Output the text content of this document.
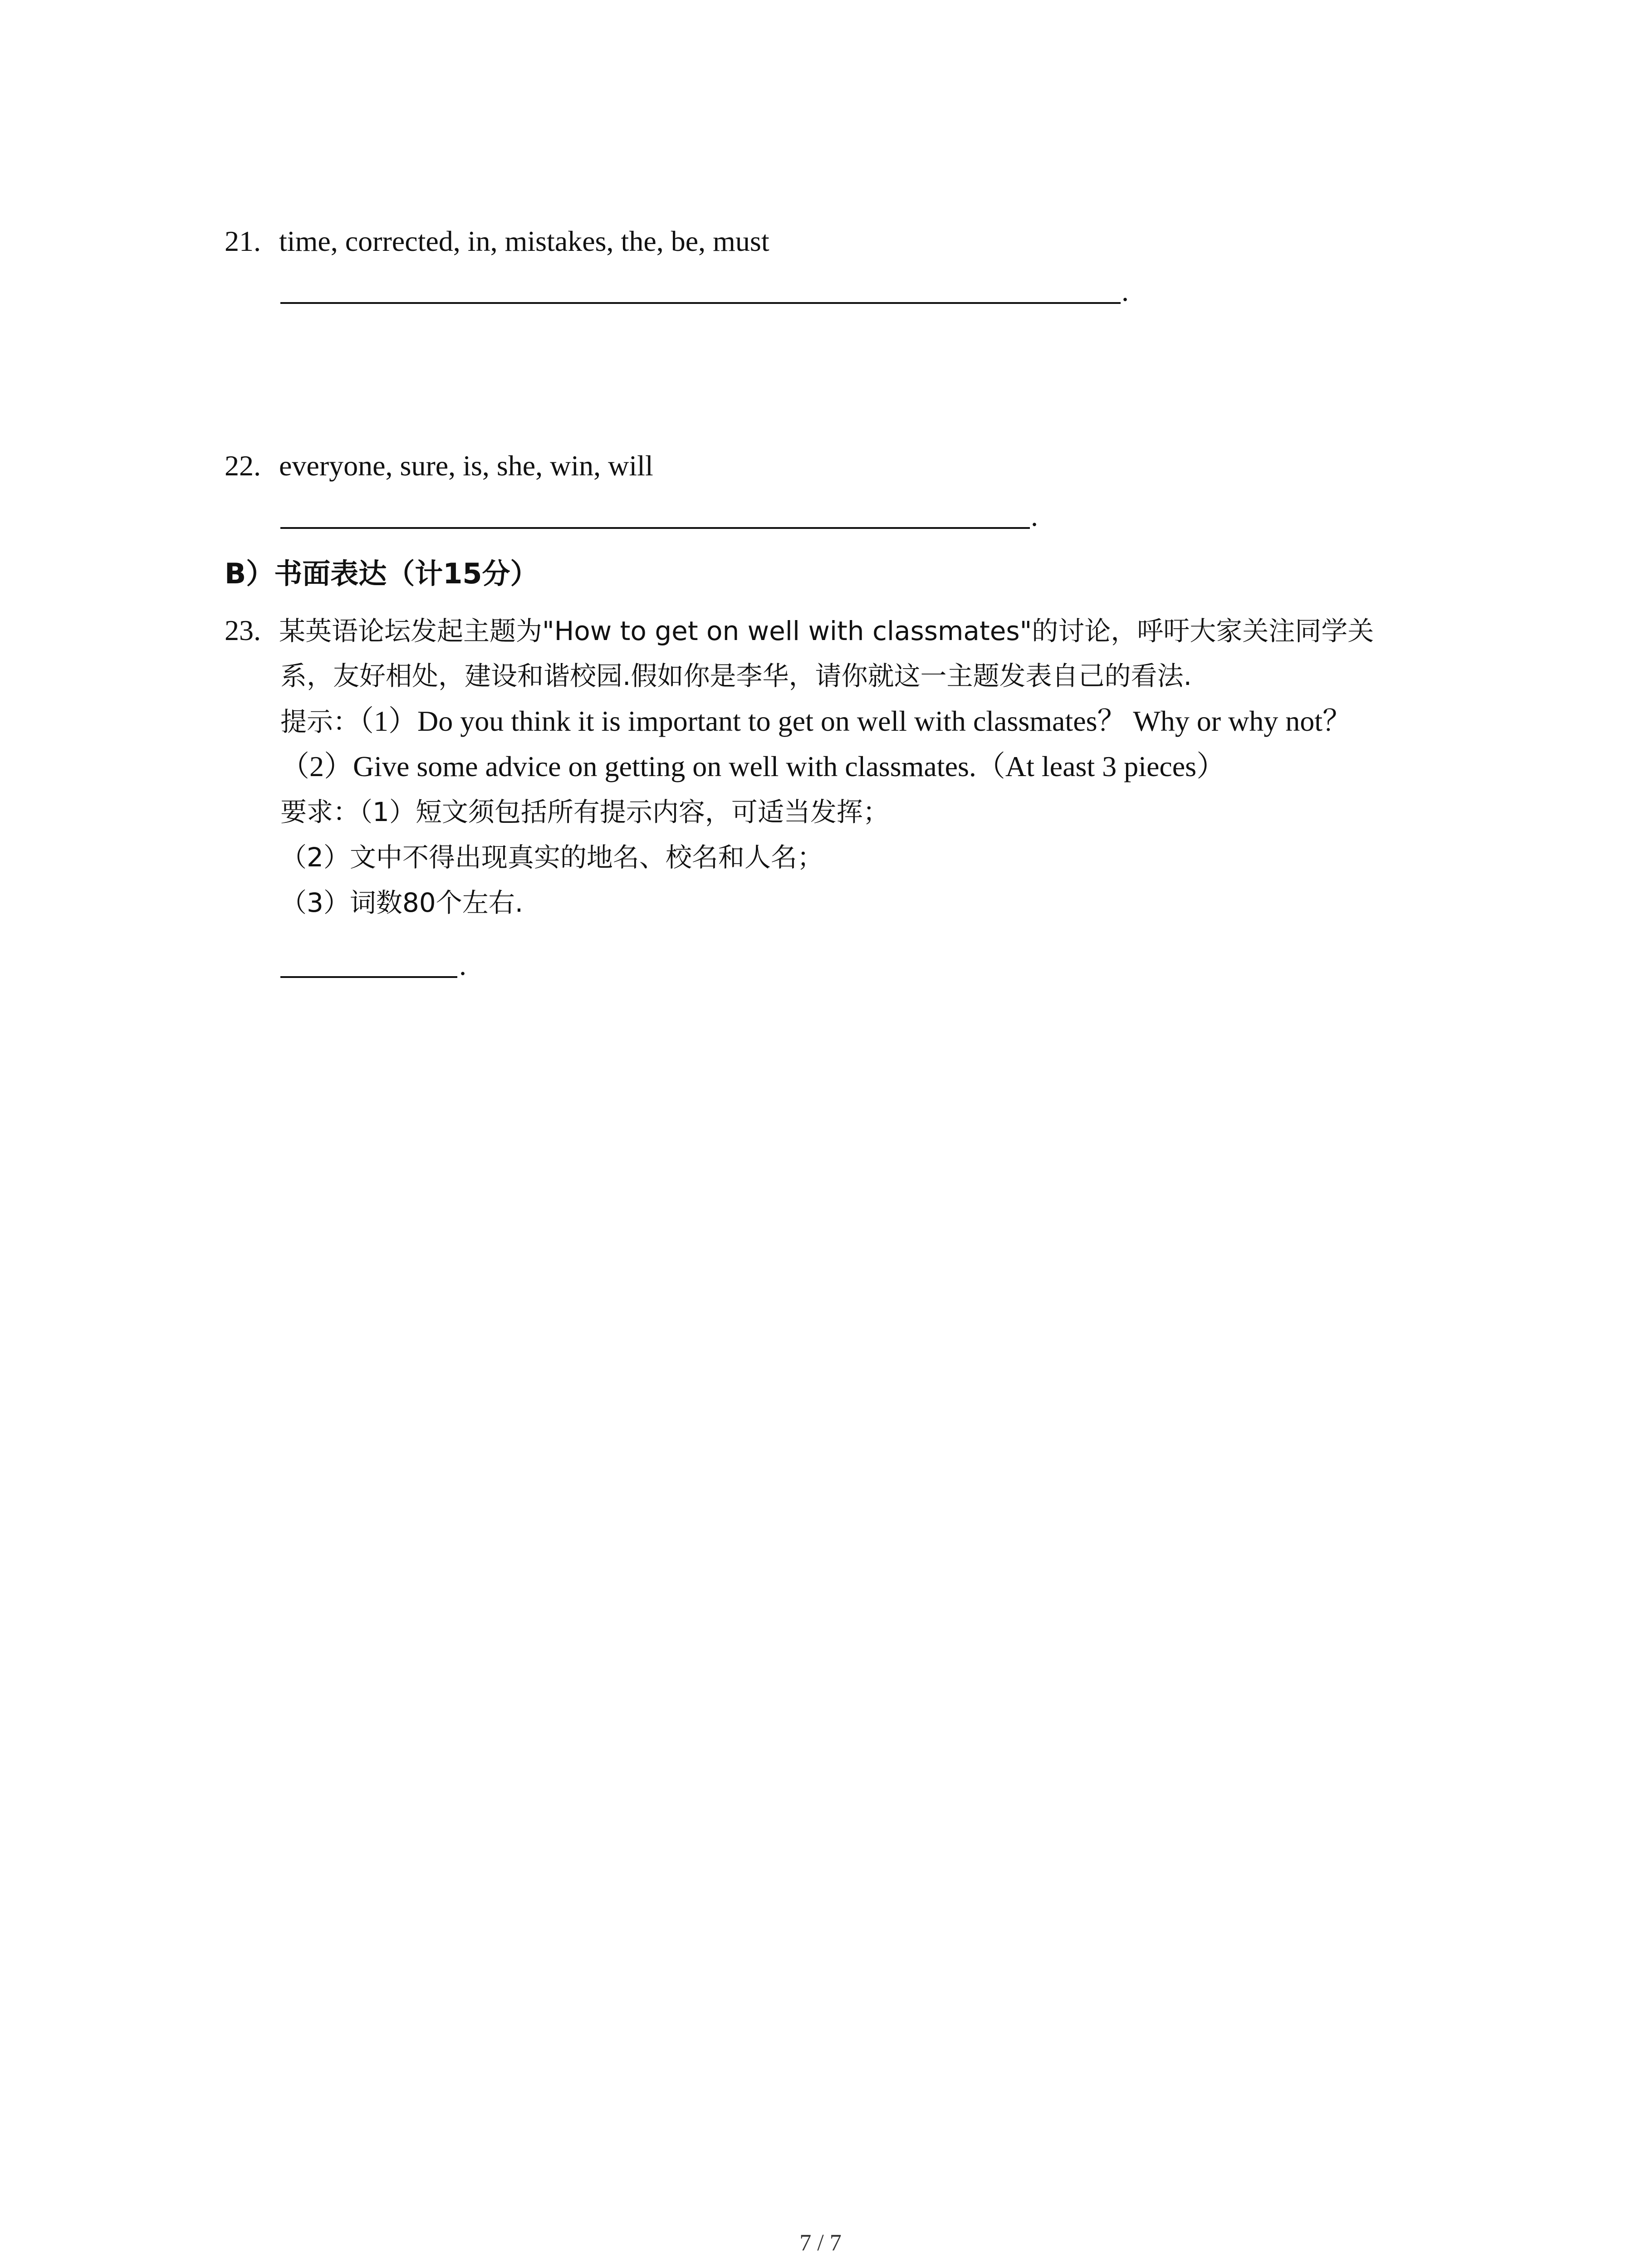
21. time, corrected, in, mistakes, the, be, must
.
22. everyone, sure, is, she, win, will
.
B）书面表达（计15分）
23. 某英语论坛发起主题为"How to get on well with classmates"的讨论，呼吁大家关注同学关
系，友好相处，建设和谐校园.假如你是李华，请你就这一主题发表自己的看法.
提示：（1）Do you think it is important to get on well with classmates？ Why or why not？
（2）Give some advice on getting on well with classmates.（At least 3 pieces）
要求：（1）短文须包括所有提示内容，可适当发挥；
（2）文中不得出现真实的地名、校名和人名；
（3）词数80个左右.
.
7 / 7
